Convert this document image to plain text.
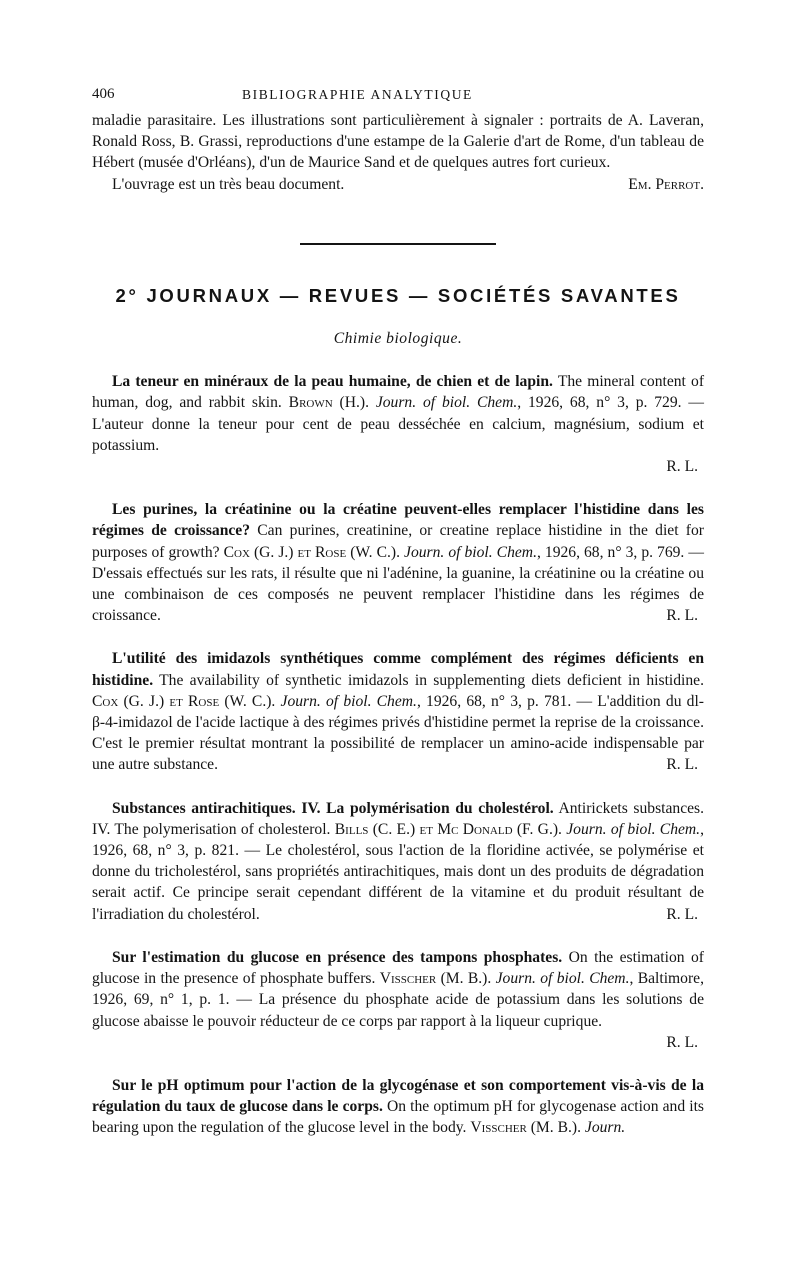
406	BIBLIOGRAPHIE ANALYTIQUE

maladie parasitaire. Les illustrations sont particulièrement à signaler : portraits de A. Laveran, Ronald Ross, B. Grassi, reproductions d'une estampe de la Galerie d'art de Rome, d'un tableau de Hébert (musée d'Orléans), d'un de Maurice Sand et de quelques autres fort curieux.

L'ouvrage est un très beau document.	Em. Perrot.
2° JOURNAUX — REVUES — SOCIÉTÉS SAVANTES
Chimie biologique.

La teneur en minéraux de la peau humaine, de chien et de lapin. The mineral content of human, dog, and rabbit skin. Brown (H.). Journ. of biol. Chem., 1926, 68, n° 3, p. 729. — L'auteur donne la teneur pour cent de peau desséchée en calcium, magnésium, sodium et potassium.

R. L.

Les purines, la créatinine ou la créatine peuvent-elles remplacer l'histidine dans les régimes de croissance? Can purines, creatinine, or creatine replace histidine in the diet for purposes of growth? Cox (G. J.) et Rose (W. C.). Journ. of biol. Chem., 1926, 68, n° 3, p. 769. — D'essais effectués sur les rats, il résulte que ni l'adénine, la guanine, la créatinine ou la créatine ou une combinaison de ces composés ne peuvent remplacer l'histidine dans les régimes de croissance.	R. L.

L'utilité des imidazols synthétiques comme complément des régimes déficients en histidine. The availability of synthetic imidazols in supplementing diets deficient in histidine. Cox (G. J.) et Rose (W. C.). Journ. of biol. Chem., 1926, 68, n° 3, p. 781. — L'addition du dl-β-4-imidazol de l'acide lactique à des régimes privés d'histidine permet la reprise de la croissance. C'est le premier résultat montrant la possibilité de remplacer un amino-acide indispensable par une autre substance.	R. L.

Substances antirachitiques. IV. La polymérisation du cholestérol. Antirickets substances. IV. The polymerisation of cholesterol. Bills (C. E.) et Mc Donald (F. G.). Journ. of biol. Chem., 1926, 68, n° 3, p. 821. — Le cholestérol, sous l'action de la floridine activée, se polymérise et donne du tricholestérol, sans propriétés antirachitiques, mais dont un des produits de dégradation serait actif. Ce principe serait cependant différent de la vitamine et du produit résultant de l'irradiation du cholestérol.	R. L.

Sur l'estimation du glucose en présence des tampons phosphates. On the estimation of glucose in the presence of phosphate buffers. Visscher (M. B.). Journ. of biol. Chem., Baltimore, 1926, 69, n° 1, p. 1. — La présence du phosphate acide de potassium dans les solutions de glucose abaisse le pouvoir réducteur de ce corps par rapport à la liqueur cuprique.

R. L.

Sur le pH optimum pour l'action de la glycogénase et son comportement vis-à-vis de la régulation du taux de glucose dans le corps. On the optimum pH for glycogenase action and its bearing upon the regulation of the glucose level in the body. Visscher (M. B.). Journ.
